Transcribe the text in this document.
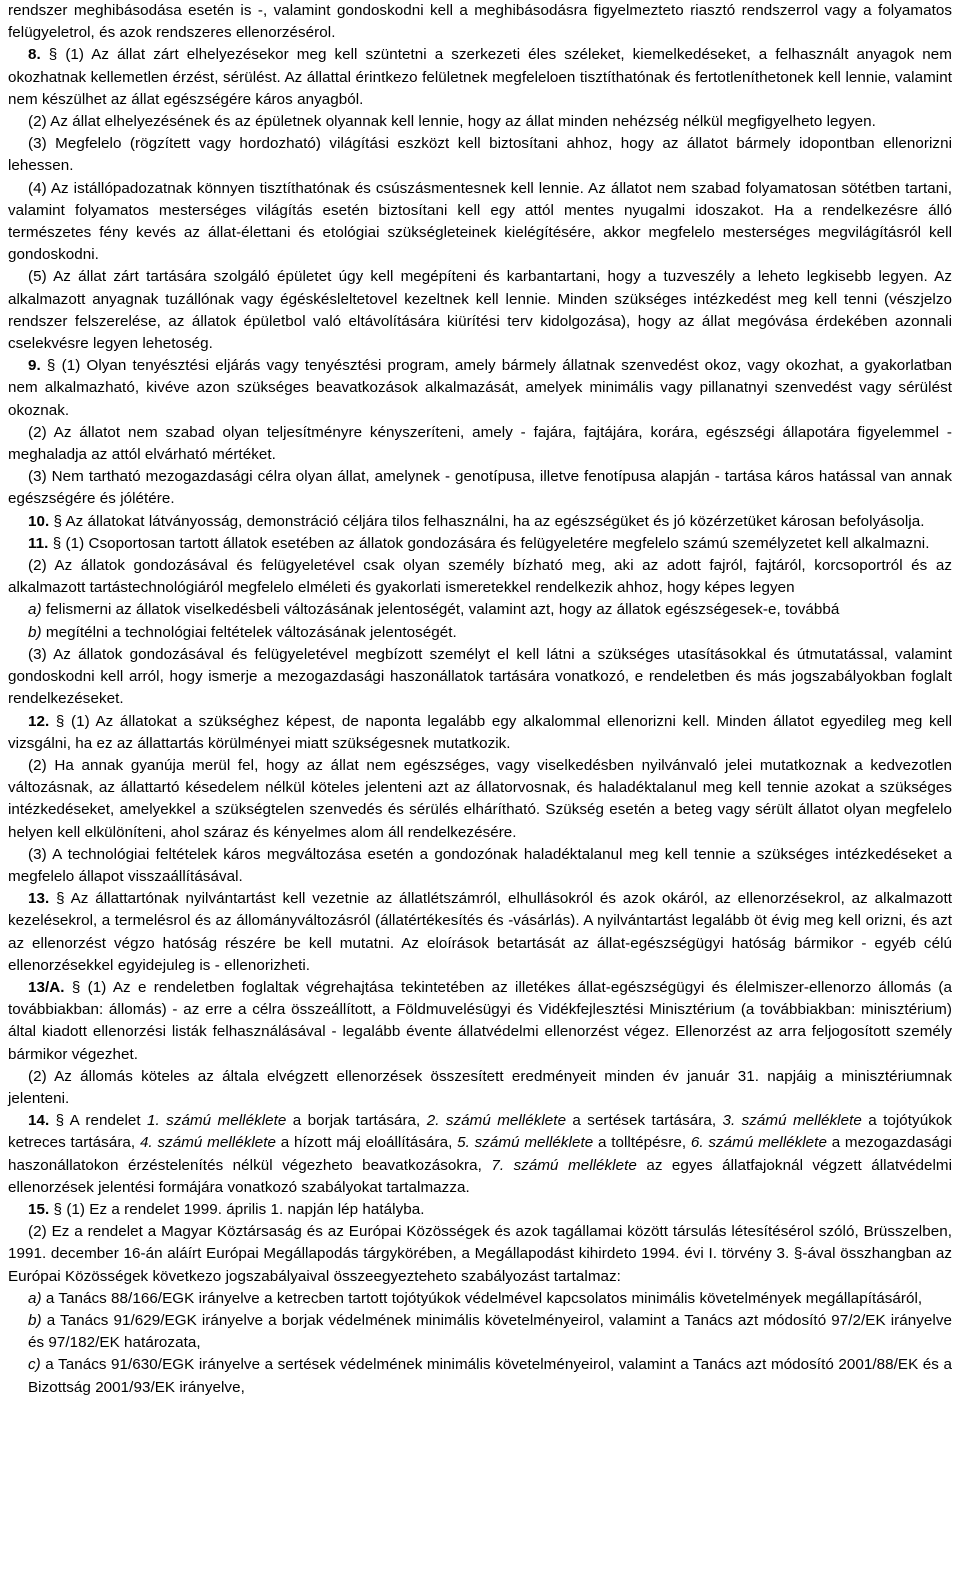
rendszer meghibásodása esetén is -, valamint gondoskodni kell a meghibásodásra figyelmezteto riasztó rendszerrol vagy a folyamatos felügyeletrol, és azok rendszeres ellenorzésérol.

8. § (1) Az állat zárt elhelyezésekor meg kell szüntetni a szerkezeti éles széleket, kiemelkedéseket, a felhasznált anyagok nem okozhatnak kellemetlen érzést, sérülést. Az állattal érintkezo felületnek megfeleloen tisztíthatónak és fertotleníthetonek kell lennie, valamint nem készülhet az állat egészségére káros anyagból.

(2) Az állat elhelyezésének és az épületnek olyannak kell lennie, hogy az állat minden nehézség nélkül megfigyelheto legyen.

(3) Megfelelo (rögzített vagy hordozható) világítási eszközt kell biztosítani ahhoz, hogy az állatot bármely idopontban ellenorizni lehessen.

(4) Az istállópadozatnak könnyen tisztíthatónak és csúszásmentesnek kell lennie. Az állatot nem szabad folyamatosan sötétben tartani, valamint folyamatos mesterséges világítás esetén biztosítani kell egy attól mentes nyugalmi idoszakot. Ha a rendelkezésre álló természetes fény kevés az állat-élettani és etológiai szükségleteinek kielégítésére, akkor megfelelo mesterséges megvilágításról kell gondoskodni.

(5) Az állat zárt tartására szolgáló épületet úgy kell megépíteni és karbantartani, hogy a tuzveszély a leheto legkisebb legyen. Az alkalmazott anyagnak tuzállónak vagy égéskésleltetovel kezeltnek kell lennie. Minden szükséges intézkedést meg kell tenni (vészjelzo rendszer felszerelése, az állatok épületbol való eltávolítására kiürítési terv kidolgozása), hogy az állat megóvása érdekében azonnali cselekvésre legyen lehetoség.

9. § (1) Olyan tenyésztési eljárás vagy tenyésztési program, amely bármely állatnak szenvedést okoz, vagy okozhat, a gyakorlatban nem alkalmazható, kivéve azon szükséges beavatkozások alkalmazását, amelyek minimális vagy pillanatnyi szenvedést vagy sérülést okoznak.

(2) Az állatot nem szabad olyan teljesítményre kényszeríteni, amely - fajára, fajtájára, korára, egészségi állapotára figyelemmel - meghaladja az attól elvárható mértéket.

(3) Nem tartható mezogazdasági célra olyan állat, amelynek - genotípusa, illetve fenotípusa alapján - tartása káros hatással van annak egészségére és jólétére.

10. § Az állatokat látványosság, demonstráció céljára tilos felhasználni, ha az egészségüket és jó közérzetüket károsan befolyásolja.

11. § (1) Csoportosan tartott állatok esetében az állatok gondozására és felügyeletére megfelelo számú személyzetet kell alkalmazni.

(2) Az állatok gondozásával és felügyeletével csak olyan személy bízható meg, aki az adott fajról, fajtáról, korcsoportról és az alkalmazott tartástechnológiáról megfelelo elméleti és gyakorlati ismeretekkel rendelkezik ahhoz, hogy képes legyen

a) felismerni az állatok viselkedésbeli változásának jelentoségét, valamint azt, hogy az állatok egészségesek-e, továbbá

b) megítélni a technológiai feltételek változásának jelentoségét.

(3) Az állatok gondozásával és felügyeletével megbízott személyt el kell látni a szükséges utasításokkal és útmutatással, valamint gondoskodni kell arról, hogy ismerje a mezogazdasági haszonállatok tartására vonatkozó, e rendeletben és más jogszabályokban foglalt rendelkezéseket.

12. § (1) Az állatokat a szükséghez képest, de naponta legalább egy alkalommal ellenorizni kell. Minden állatot egyedileg meg kell vizsgálni, ha ez az állattartás körülményei miatt szükségesnek mutatkozik.

(2) Ha annak gyanúja merül fel, hogy az állat nem egészséges, vagy viselkedésben nyilvánvaló jelei mutatkoznak a kedvezotlen változásnak, az állattartó késedelem nélkül köteles jelenteni azt az állatorvosnak, és haladéktalanul meg kell tennie azokat a szükséges intézkedéseket, amelyekkel a szükségtelen szenvedés és sérülés elhárítható. Szükség esetén a beteg vagy sérült állatot olyan megfelelo helyen kell elkülöníteni, ahol száraz és kényelmes alom áll rendelkezésére.

(3) A technológiai feltételek káros megváltozása esetén a gondozónak haladéktalanul meg kell tennie a szükséges intézkedéseket a megfelelo állapot visszaállításával.

13. § Az állattartónak nyilvántartást kell vezetnie az állatlétszámról, elhullásokról és azok okáról, az ellenorzésekrol, az alkalmazott kezelésekrol, a termelésrol és az állományváltozásról (állatértékesítés és -vásárlás). A nyilvántartást legalább öt évig meg kell orizni, és azt az ellenorzést végzo hatóság részére be kell mutatni. Az eloírások betartását az állat-egészségügyi hatóság bármikor - egyéb célú ellenorzésekkel egyidejuleg is - ellenorizheti.

13/A. § (1) Az e rendeletben foglaltak végrehajtása tekintetében az illetékes állat-egészségügyi és élelmiszer-ellenorzo állomás (a továbbiakban: állomás) - az erre a célra összeállított, a Földmuvelésügyi és Vidékfejlesztési Minisztérium (a továbbiakban: minisztérium) által kiadott ellenorzési listák felhasználásával - legalább évente állatvédelmi ellenorzést végez. Ellenorzést az arra feljogosított személy bármikor végezhet.

(2) Az állomás köteles az általa elvégzett ellenorzések összesített eredményeit minden év január 31. napjáig a minisztériumnak jelenteni.

14. § A rendelet 1. számú melléklete a borjak tartására, 2. számú melléklete a sertések tartására, 3. számú melléklete a tojótyúkok ketreces tartására, 4. számú melléklete a hízott máj eloállítására, 5. számú melléklete a tolltépésre, 6. számú melléklete a mezogazdasági haszonállatokon érzéstelenítés nélkül végezheto beavatkozásokra, 7. számú melléklete az egyes állatfajoknál végzett állatvédelmi ellenorzések jelentési formájára vonatkozó szabályokat tartalmazza.

15. § (1) Ez a rendelet 1999. április 1. napján lép hatályba.

(2) Ez a rendelet a Magyar Köztársaság és az Európai Közösségek és azok tagállamai között társulás létesítésérol szóló, Brüsszelben, 1991. december 16-án aláírt Európai Megállapodás tárgykörében, a Megállapodást kihirdeto 1994. évi I. törvény 3. §-ával összhangban az Európai Közösségek következo jogszabályaival összeegyezteheto szabályozást tartalmaz:

a) a Tanács 88/166/EGK irányelve a ketrecben tartott tojótyúkok védelmével kapcsolatos minimális követelmények megállapításáról,

b) a Tanács 91/629/EGK irányelve a borjak védelmének minimális követelményeirol, valamint a Tanács azt módosító 97/2/EK irányelve és 97/182/EK határozata,

c) a Tanács 91/630/EGK irányelve a sertések védelmének minimális követelményeirol, valamint a Tanács azt módosító 2001/88/EK és a Bizottság 2001/93/EK irányelve,
